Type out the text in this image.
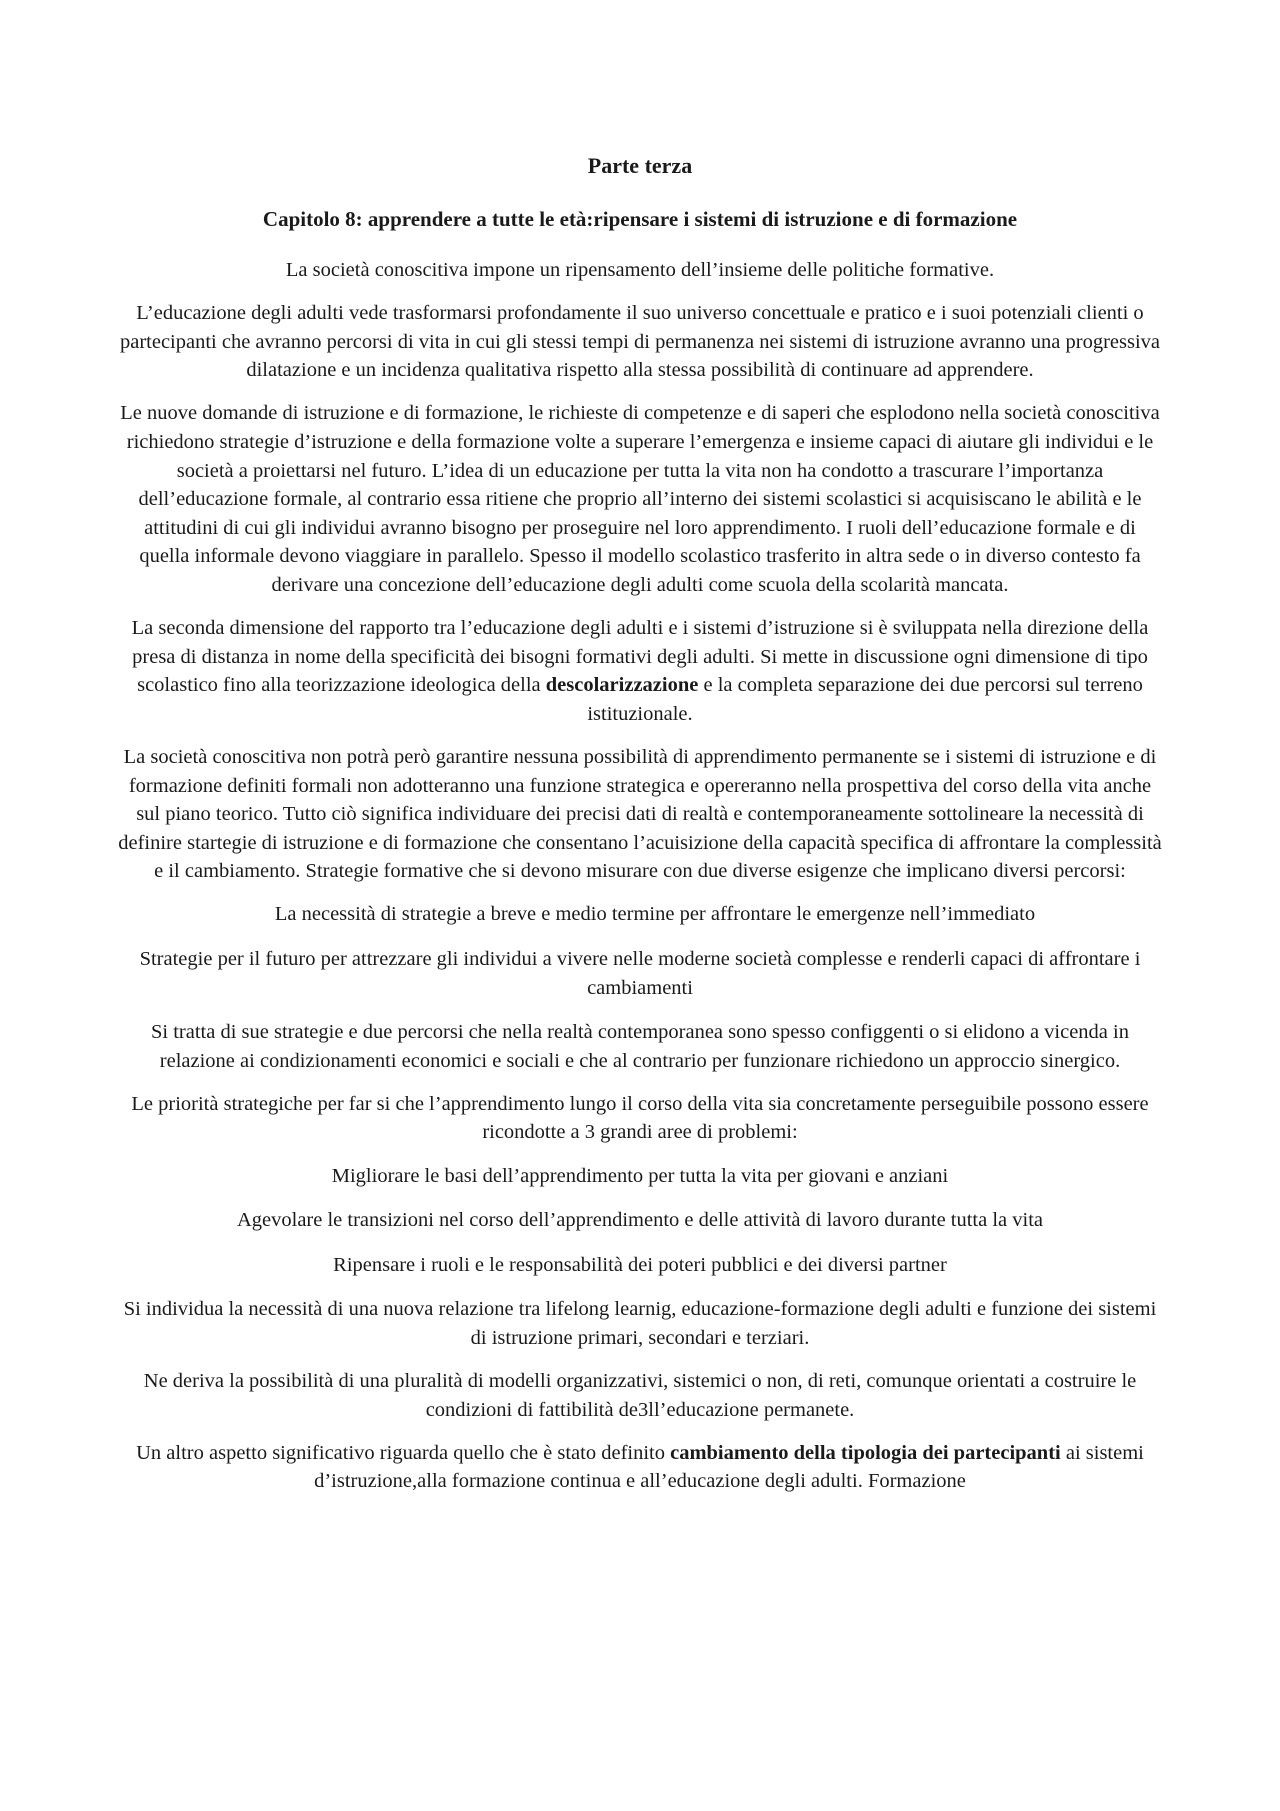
Parte terza
Capitolo 8: apprendere a tutte le età:ripensare i sistemi di istruzione e di formazione

La società conoscitiva impone un ripensamento dell’insieme delle politiche formative.

L’educazione degli adulti vede trasformarsi profondamente il suo universo concettuale e pratico e i suoi potenziali clienti o partecipanti che avranno percorsi di vita in cui gli stessi tempi di permanenza nei sistemi di istruzione avranno una progressiva dilatazione e un incidenza qualitativa rispetto alla stessa possibilità di continuare ad apprendere.

Le nuove domande di istruzione e di formazione, le richieste di competenze e di saperi che esplodono nella società conoscitiva richiedono strategie d’istruzione e della formazione volte a superare l’emergenza e insieme capaci di aiutare gli individui e le società a proiettarsi nel futuro. L’idea di un educazione per tutta la vita non ha condotto a trascurare l’importanza dell’educazione formale, al contrario essa ritiene che proprio all’interno dei sistemi scolastici si acquisiscano le abilità e le attitudini di cui gli individui avranno bisogno per proseguire nel loro apprendimento. I ruoli dell’educazione formale e di quella informale devono viaggiare in parallelo. Spesso il modello scolastico trasferito in altra sede o in diverso contesto fa derivare una concezione dell’educazione degli adulti come scuola della scolarità mancata.

La seconda dimensione del rapporto tra l’educazione degli adulti e i sistemi d’istruzione si è sviluppata nella direzione della presa di distanza in nome della specificità dei bisogni formativi degli adulti. Si mette in discussione ogni dimensione di tipo scolastico fino alla teorizzazione ideologica della descolarizzazione e la completa separazione dei due percorsi sul terreno istituzionale.

La società conoscitiva non potrà però garantire nessuna possibilità di apprendimento permanente se i sistemi di istruzione e di formazione definiti formali non adotteranno una funzione strategica e opereranno nella prospettiva del corso della vita anche sul piano teorico. Tutto ciò significa individuare dei precisi dati di realtà e contemporaneamente sottolineare la necessità di definire startegie di istruzione e di formazione che consentano l’acuisizione della capacità specifica di affrontare la complessità e il cambiamento. Strategie formative che si devono misurare con due diverse esigenze che implicano diversi percorsi:

La necessità di strategie a breve e medio termine per affrontare le emergenze nell’immediato

Strategie per il futuro per attrezzare gli individui a vivere nelle moderne società complesse e renderli capaci di affrontare i cambiamenti

Si tratta di sue strategie e due percorsi che nella realtà contemporanea sono spesso configgenti o si elidono a vicenda in relazione ai condizionamenti economici e sociali e che al contrario per funzionare richiedono un approccio sinergico.

Le priorità strategiche per far si che l’apprendimento lungo il corso della vita sia concretamente perseguibile possono essere ricondotte a 3 grandi aree di problemi:

Migliorare le basi dell’apprendimento per tutta la vita per giovani e anziani

Agevolare le transizioni nel corso dell’apprendimento e delle attività di lavoro durante tutta la vita

Ripensare i ruoli e le responsabilità dei poteri pubblici e dei diversi partner

Si individua la necessità di una nuova relazione tra lifelong learnig, educazione-formazione degli adulti e funzione dei sistemi di istruzione primari, secondari e terziari.

Ne deriva la possibilità di una pluralità di modelli organizzativi, sistemici o non, di reti, comunque orientati a costruire le condizioni di fattibilità de3ll’educazione permanete.

Un altro aspetto significativo riguarda quello che è stato definito cambiamento della tipologia dei partecipanti ai sistemi d’istruzione,alla formazione continua e all’educazione degli adulti. Formazione
